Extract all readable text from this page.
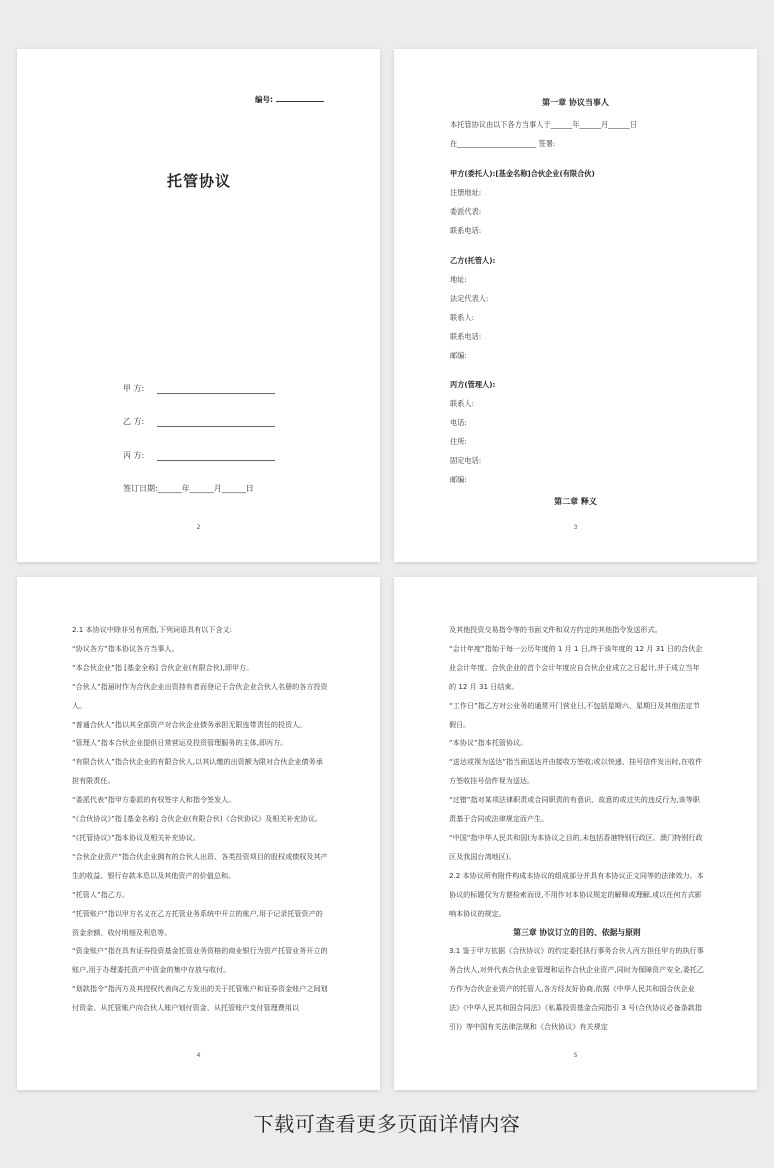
编号:
托管协议
甲 方:
乙 方:
丙 方:
签订日期:______年______月______日
2
第一章 协议当事人
本托管协议由以下各方当事人于______年______月______日
在______________________ 签署:
甲方(委托人):[基金名称]合伙企业(有限合伙)
注册地址:
委派代表:
联系电话:
乙方(托管人):
地址:
法定代表人:
联系人:
联系电话:
邮编:
丙方(管理人):
联系人:
电话:
住所:
固定电话:
邮编:
第二章 释义
3

2.1 本协议中除非另有所指,下列词语具有以下含义:

“协议各方”指本协议各方当事人。

“本合伙企业”指 [基金全称] 合伙企业(有限合伙),即甲方。

“合伙人”指届时作为合伙企业出资持有者而登记于合伙企业合伙人名册的各方投资人。

“普通合伙人”指以其全部资产对合伙企业债务承担无限连带责任的投资人。

“管理人”指本合伙企业提供日常营运及投资管理服务的主体,即丙方。

“有限合伙人”指合伙企业的有限合伙人,以其认缴的出资额为限对合伙企业债务承担有限责任。

“委派代表”指甲方委派的有权签字人和指令签发人。

“《合伙协议》”指 [基金名称] 合伙企业(有限合伙)《合伙协议》及相关补充协议。

“《托管协议》”指本协议及相关补充协议。

“合伙企业资产”指合伙企业拥有的合伙人出资、各类投资项目的股权或债权及其产生的收益、银行存款本息以及其他资产的价值总和。

“托管人”指乙方。

“托管账户”指以甲方名义在乙方托管业务系统中开立的账户,用于记录托管资产的资金余额、收付明细及利息等。

“资金账户”指在具有证券投资基金托管业务资格的商业银行为资产托管业务开立的账户,用于办理委托资产中资金的集中存放与收付。

“划款指令”指丙方及其授权代表向乙方发出的关于托管账户和证券资金账户之间划付资金、从托管账户向合伙人账户划付资金、从托管账户支付管理费用以

4

及其他投资交易指令等的书面文件和双方约定的其他指令发送形式。

“会计年度”指始于每一公历年度的 1 月 1 日,终于该年度的 12 月 31 日的合伙企业会计年度。合伙企业的首个会计年度应自合伙企业成立之日起计,并于成立当年的 12 月 31 日结束。

“工作日”指乙方对公业务的通常开门营业日,不包括星期六、星期日及其他法定节假日。

“本协议”指本托管协议。

“送达或视为送达”指当面送达并由接收方签收;或以快递、挂号信件发出时,在收件方签收挂号信件视为送达。

“过错”指对某项法律职责或合同职责的有意识、故意的或过失的违反行为,该等职责基于合同或法律规定而产生。

“中国”指中华人民共和国(为本协议之目的,未包括香港特别行政区、澳门特别行政区及我国台湾地区)。

2.2 本协议所有附件构成本协议的组成部分并具有本协议正文同等的法律效力。本协议的标题仅为方便检索而设,不用作对本协议规定的解释或理解,或以任何方式影响本协议的规定。

第三章 协议订立的目的、依据与原则

3.1 鉴于甲方依据《合伙协议》的约定委托执行事务合伙人丙方担任甲方的执行事务合伙人,对外代表合伙企业管理和运作合伙企业资产,同时为保障资产安全,委托乙方作为合伙企业资产的托管人,各方经友好协商,依据《中华人民共和国合伙企业法》《中华人民共和国合同法》《私募投资基金合同指引 3 号(合伙协议必备条款指引)》等中国有关法律法规和《合伙协议》有关规定

5
下载可查看更多页面详情内容
